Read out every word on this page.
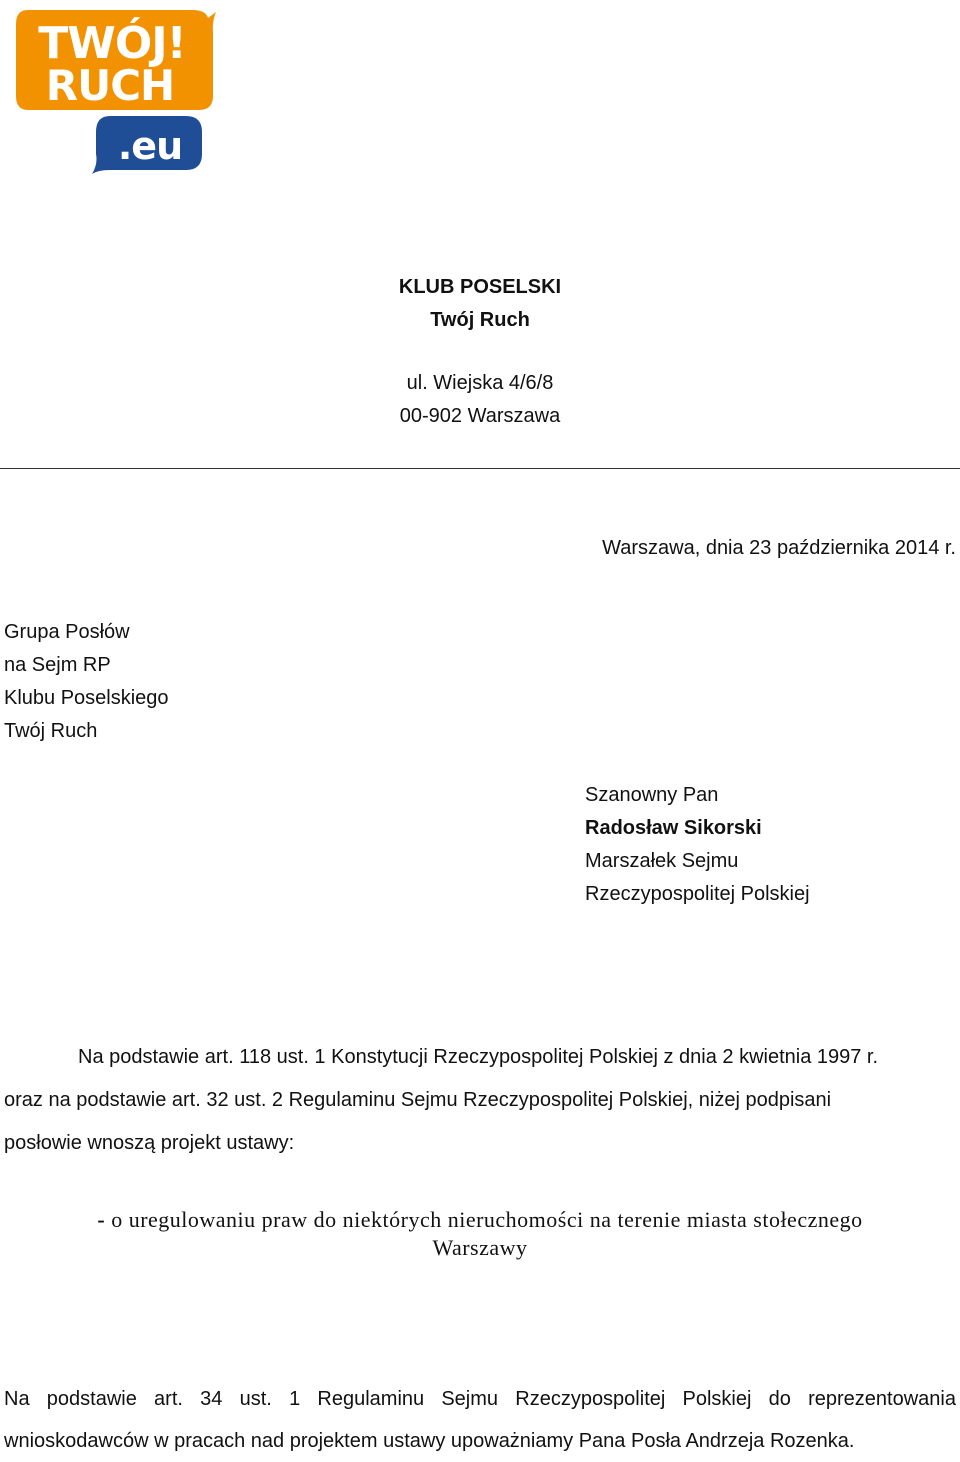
TWÓJ!
RUCH
.eu
KLUB POSELSKI
Twój Ruch
ul. Wiejska 4/6/8
00-902 Warszawa
Warszawa, dnia 23 października 2014 r.
Grupa Posłów
na Sejm RP
Klubu Poselskiego
Twój Ruch
Szanowny Pan
Radosław Sikorski
Marszałek Sejmu
Rzeczypospolitej Polskiej
Na podstawie art. 118 ust. 1 Konstytucji Rzeczypospolitej Polskiej z dnia 2 kwietnia 1997 r.
oraz na podstawie art. 32 ust. 2 Regulaminu Sejmu Rzeczypospolitej Polskiej, niżej podpisani
posłowie wnoszą projekt ustawy:
- o uregulowaniu praw do niektórych nieruchomości na terenie miasta stołecznego Warszawy
Na podstawie art. 34 ust. 1 Regulaminu Sejmu Rzeczypospolitej Polskiej do reprezentowania
wnioskodawców w pracach nad projektem ustawy upoważniamy Pana Posła Andrzeja Rozenka.
